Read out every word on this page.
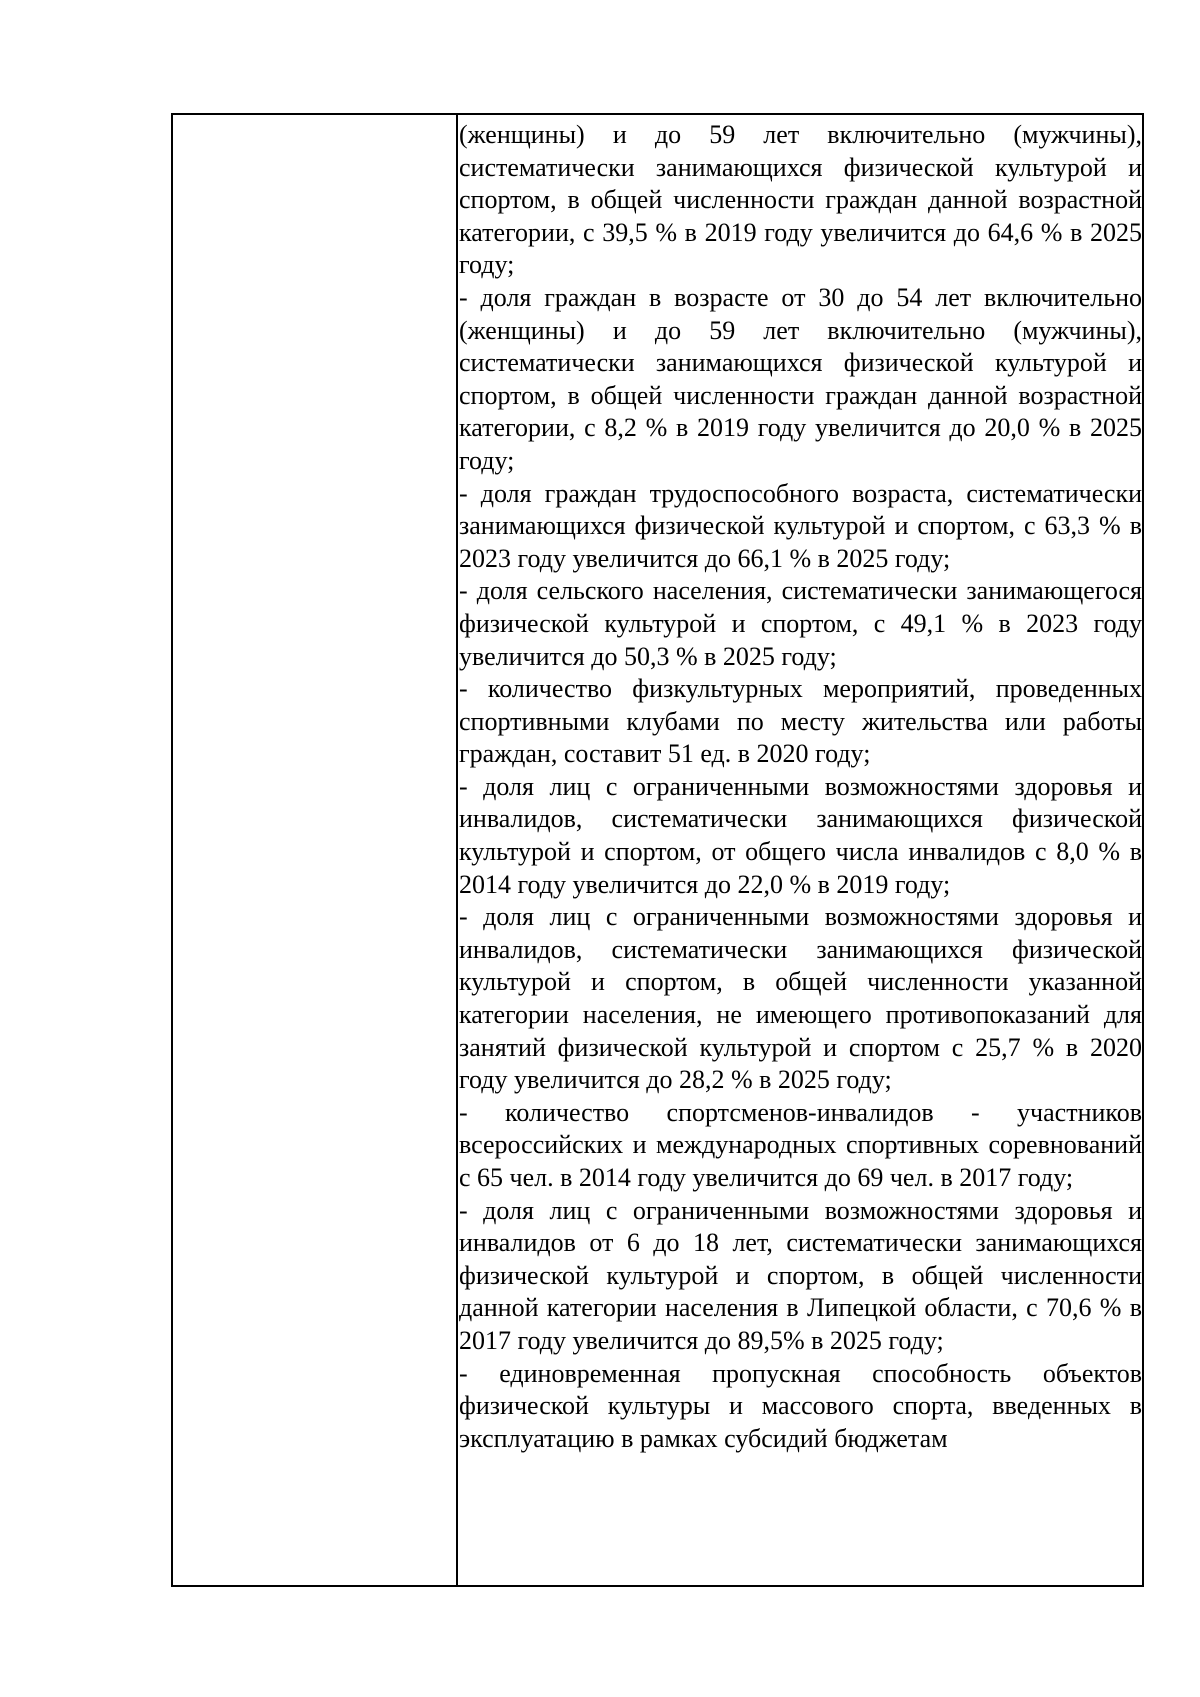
(женщины) и до 59 лет включительно (мужчины), систематически занимающихся физической культурой и спортом, в общей численности граждан данной возрастной категории, с 39,5 % в 2019 году увеличится до 64,6 % в 2025 году;

- доля граждан в возрасте от 30 до 54 лет включительно (женщины) и до 59 лет включительно (мужчины), систематически занимающихся физической культурой и спортом, в общей численности граждан данной возрастной категории, с 8,2 % в 2019 году увеличится до 20,0 % в 2025 году;

- доля граждан трудоспособного возраста, систематически занимающихся физической культурой и спортом, с 63,3 % в 2023 году увеличится до 66,1 % в 2025 году;

- доля сельского населения, систематически занимающегося физической культурой и спортом, с 49,1 % в 2023 году увеличится до 50,3 % в 2025 году;

- количество физкультурных мероприятий, проведенных спортивными клубами по месту жительства или работы граждан, составит 51 ед. в 2020 году;

- доля лиц с ограниченными возможностями здоровья и инвалидов, систематически занимающихся физической культурой и спортом, от общего числа инвалидов с 8,0 % в 2014 году увеличится до 22,0 % в 2019 году;

- доля лиц с ограниченными возможностями здоровья и инвалидов, систематически занимающихся физической культурой и спортом, в общей численности указанной категории населения, не имеющего противопоказаний для занятий физической культурой и спортом с 25,7 % в 2020 году увеличится до 28,2 % в 2025 году;

- количество спортсменов-инвалидов - участников всероссийских и международных спортивных соревнований с 65 чел. в 2014 году увеличится до 69 чел. в 2017 году;

- доля лиц с ограниченными возможностями здоровья и инвалидов от 6 до 18 лет, систематически занимающихся физической культурой и спортом, в общей численности данной категории населения в Липецкой области, с 70,6 % в 2017 году увеличится до 89,5% в 2025 году;

- единовременная пропускная способность объектов физической культуры и массового спорта, введенных в эксплуатацию в рамках субсидий бюджетам
